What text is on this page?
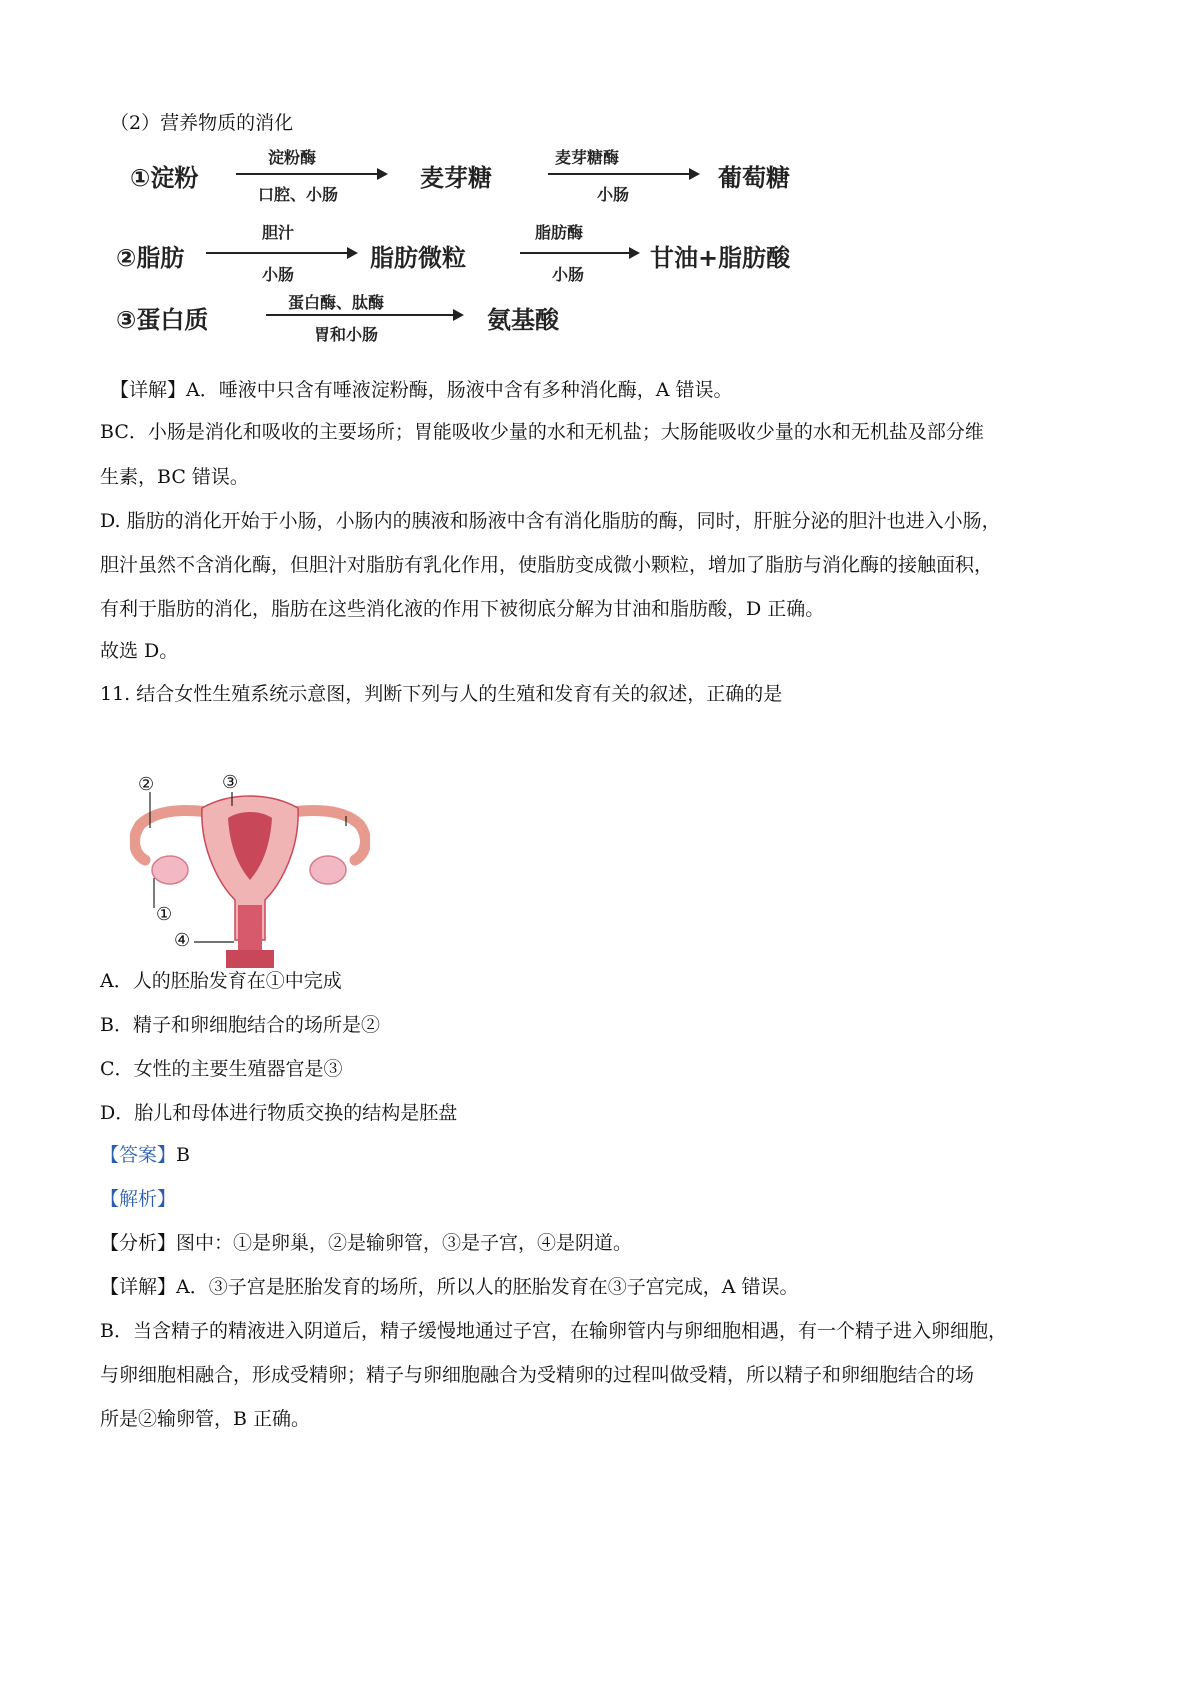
（2）营养物质的消化
①淀粉
淀粉酶
口腔、小肠
麦芽糖
麦芽糖酶
小肠
葡萄糖
②脂肪
胆汁
小肠
脂肪微粒
脂肪酶
小肠
甘油+脂肪酸
③蛋白质
蛋白酶、肽酶
胃和小肠
氨基酸
【详解】A．唾液中只含有唾液淀粉酶，肠液中含有多种消化酶，A 错误。
BC．小肠是消化和吸收的主要场所；胃能吸收少量的水和无机盐；大肠能吸收少量的水和无机盐及部分维
生素，BC 错误。
D. 脂肪的消化开始于小肠，小肠内的胰液和肠液中含有消化脂肪的酶，同时，肝脏分泌的胆汁也进入小肠，
胆汁虽然不含消化酶，但胆汁对脂肪有乳化作用，使脂肪变成微小颗粒，增加了脂肪与消化酶的接触面积，
有利于脂肪的消化，脂肪在这些消化液的作用下被彻底分解为甘油和脂肪酸，D 正确。
故选 D。
11. 结合女性生殖系统示意图，判断下列与人的生殖和发育有关的叙述，正确的是
②	③
①
④
A．人的胚胎发育在①中完成
B．精子和卵细胞结合的场所是②
C．女性的主要生殖器官是③
D．胎儿和母体进行物质交换的结构是胚盘
【答案】B
【解析】
【分析】图中：①是卵巢，②是输卵管，③是子宫，④是阴道。
【详解】A．③子宫是胚胎发育的场所，所以人的胚胎发育在③子宫完成，A 错误。
B．当含精子的精液进入阴道后，精子缓慢地通过子宫，在输卵管内与卵细胞相遇，有一个精子进入卵细胞，
与卵细胞相融合，形成受精卵；精子与卵细胞融合为受精卵的过程叫做受精，所以精子和卵细胞结合的场
所是②输卵管，B 正确。
